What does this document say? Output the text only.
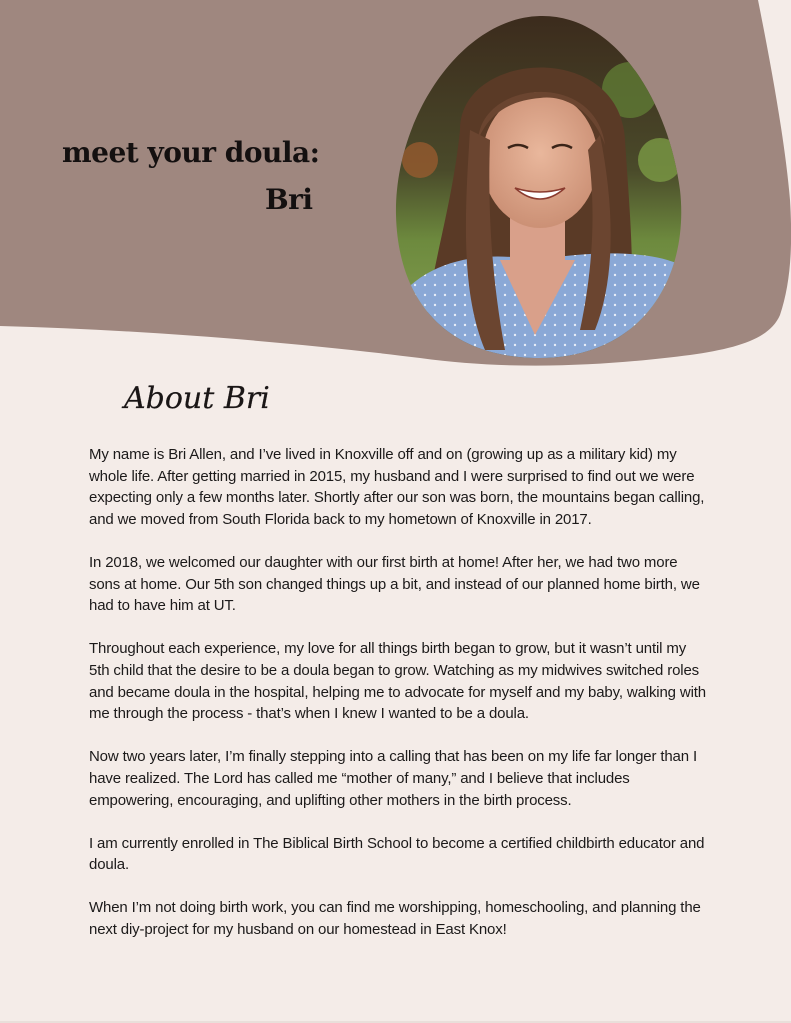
meet your doula:
Bri
About Bri

My name is Bri Allen, and I’ve lived in Knoxville off and on (growing up as a military kid) my whole life. After getting married in 2015, my husband and I were surprised to find out we were expecting only a few months later. Shortly after our son was born, the mountains began calling, and we moved from South Florida back to my hometown of Knoxville in 2017.

In 2018, we welcomed our daughter with our first birth at home! After her, we had two more sons at home. Our 5th son changed things up a bit, and instead of our planned home birth, we had to have him at UT.

Throughout each experience, my love for all things birth began to grow, but it wasn’t until my 5th child that the desire to be a doula began to grow. Watching as my midwives switched roles and became doula in the hospital, helping me to advocate for myself and my baby, walking with me through the process - that’s when I knew I wanted to be a doula.

Now two years later, I’m finally stepping into a calling that has been on my life far longer than I have realized. The Lord has called me “mother of many,” and I believe that includes empowering, encouraging, and uplifting other mothers in the birth process.

I am currently enrolled in The Biblical Birth School to become a certified childbirth educator and doula.

When I’m not doing birth work, you can find me worshipping, homeschooling, and planning the next diy-project for my husband on our homestead in East Knox!
